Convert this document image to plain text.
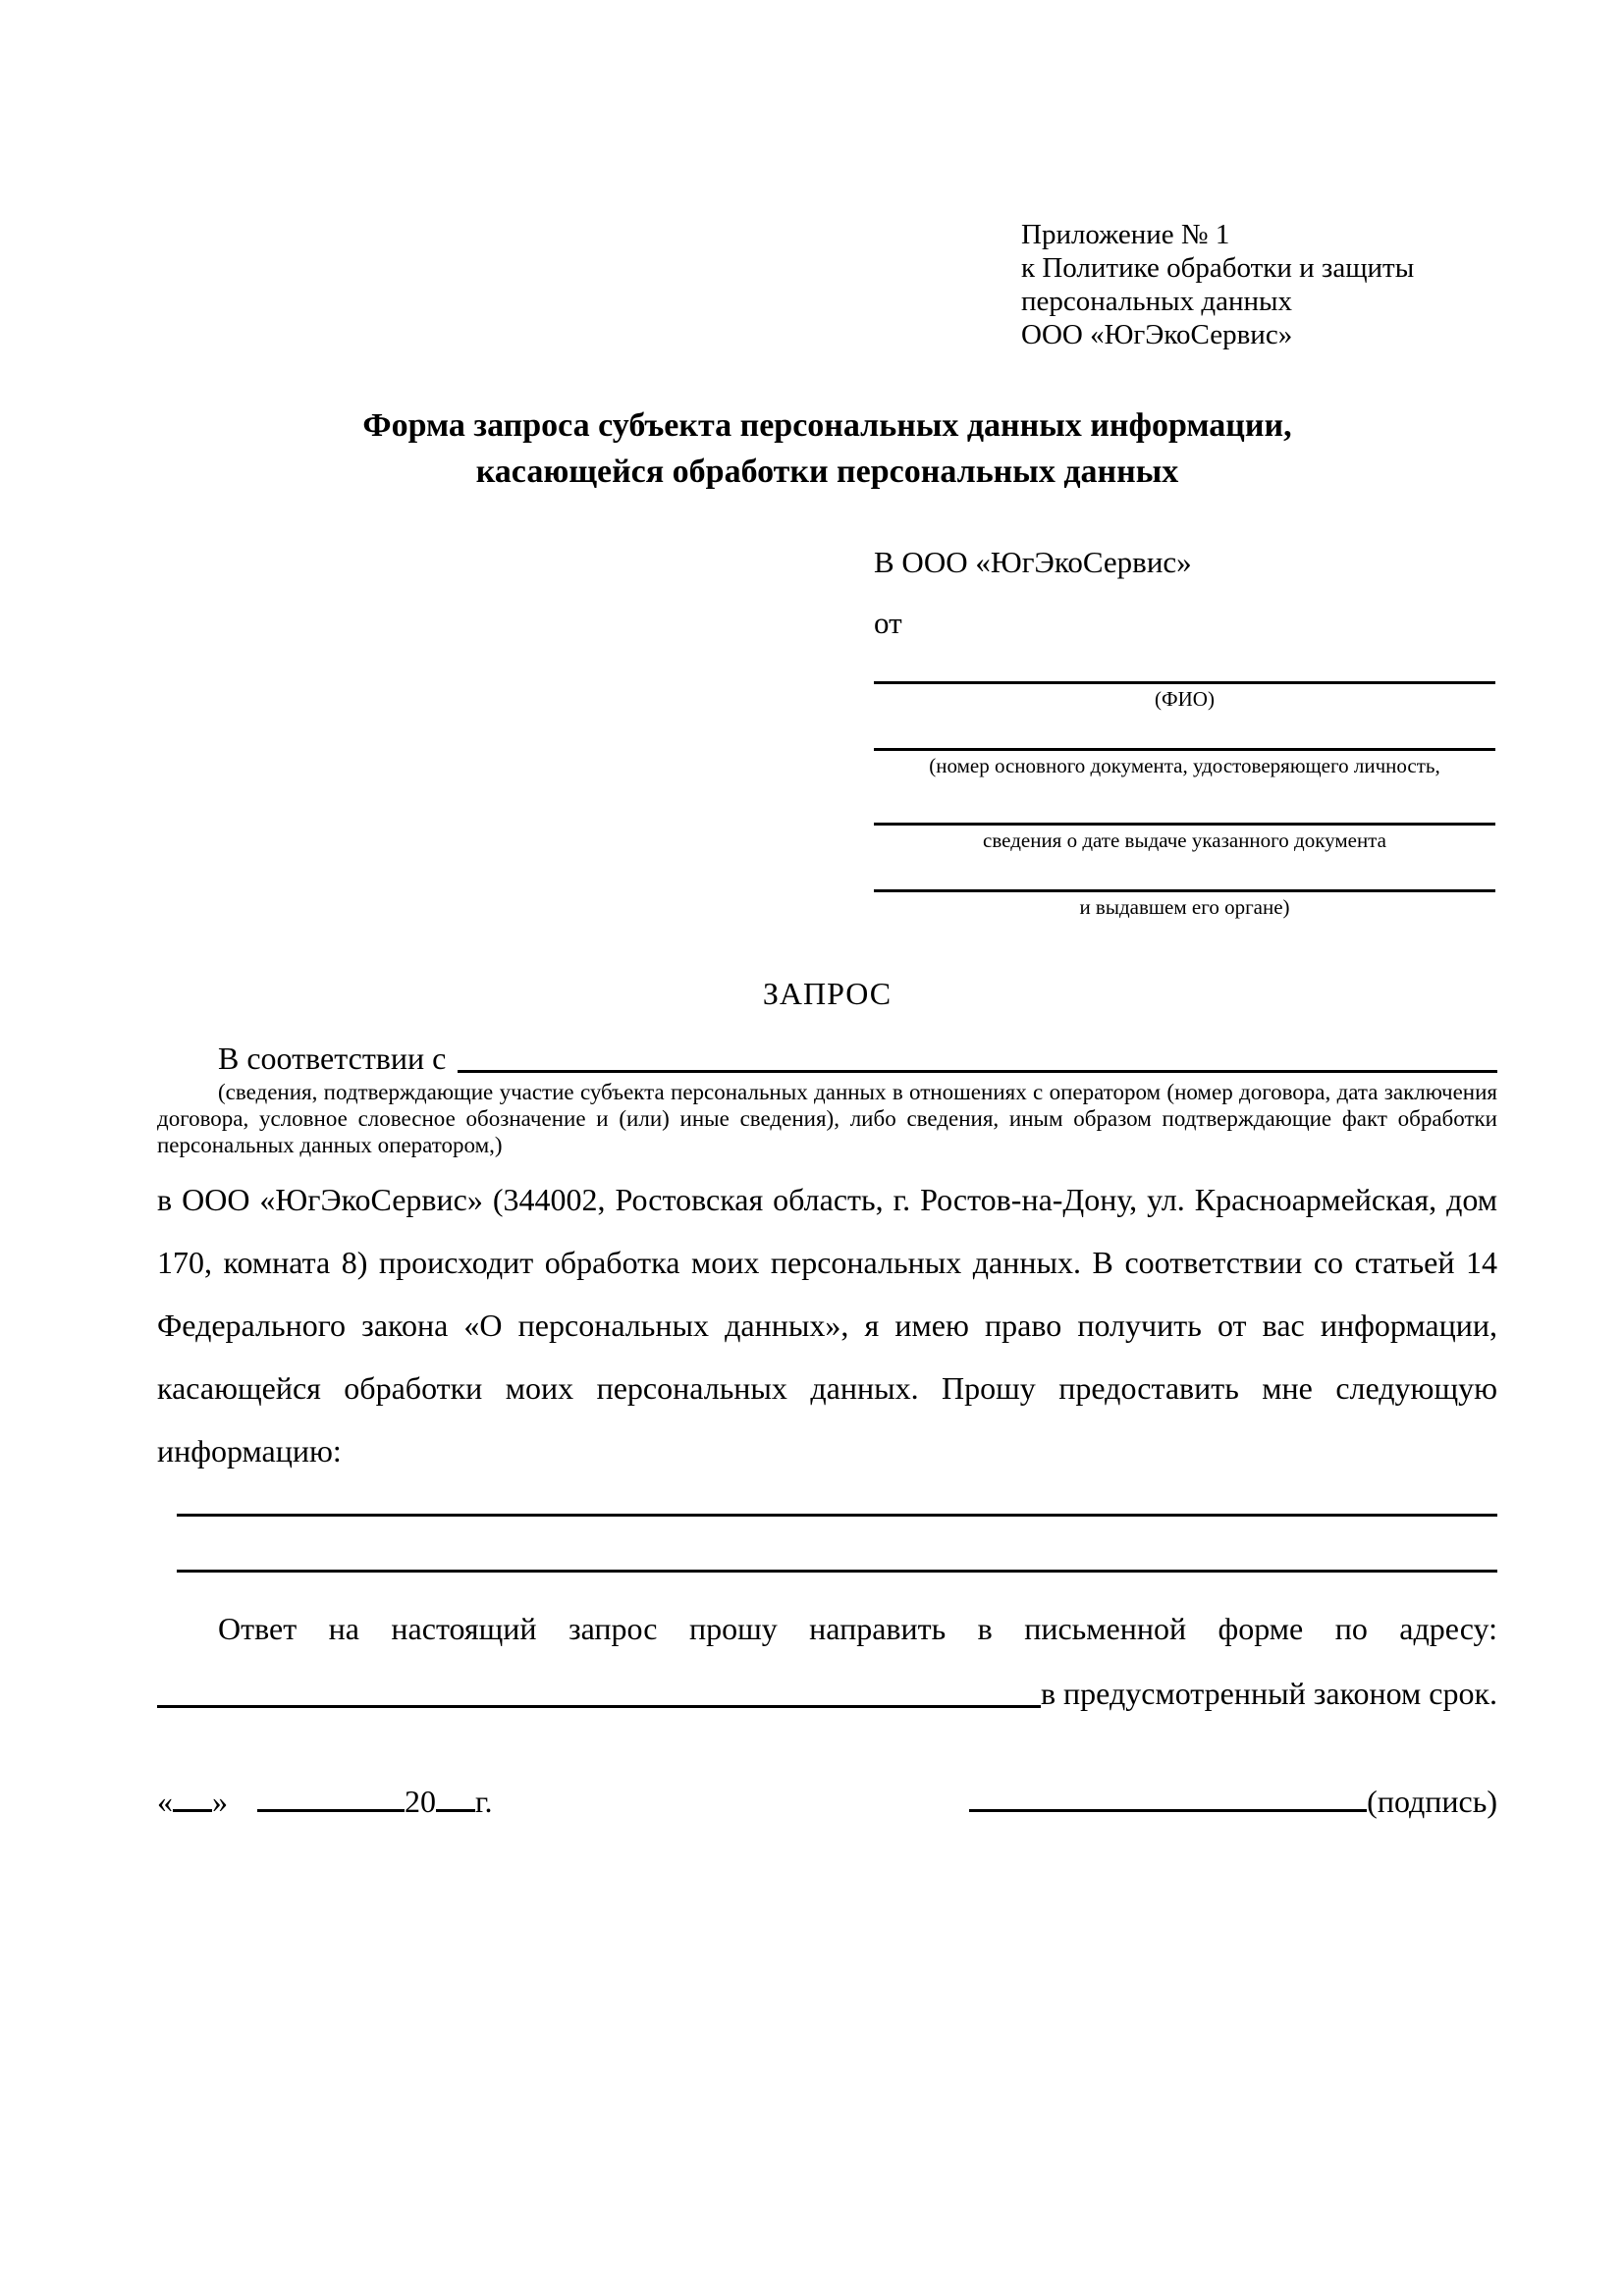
Приложение № 1
к Политике обработки и защиты
персональных данных
ООО «ЮгЭкоСервис»
Форма запроса субъекта персональных данных информации,
касающейся обработки персональных данных
В ООО «ЮгЭкоСервис»
от
(ФИО)
(номер основного документа, удостоверяющего личность,
сведения о дате выдаче указанного документа
и выдавшем его органе)
ЗАПРОС
В соответствии с
(сведения, подтверждающие участие субъекта персональных данных в отношениях с оператором (номер договора, дата заключения договора, условное словесное обозначение и (или) иные сведения), либо сведения, иным образом подтверждающие факт обработки персональных данных оператором,)
в ООО «ЮгЭкоСервис» (344002, Ростовская область, г. Ростов-на-Дону, ул. Красноармейская, дом 170, комната 8) происходит обработка моих персональных данных. В соответствии со статьей 14 Федерального закона «О персональных данных», я имею право получить от вас информации, касающейся обработки моих персональных данных. Прошу предоставить мне следующую информацию:
Ответ на настоящий запрос прошу направить в письменной форме по адресу:
в предусмотренный законом срок.
« »	20 г.	(подпись)
